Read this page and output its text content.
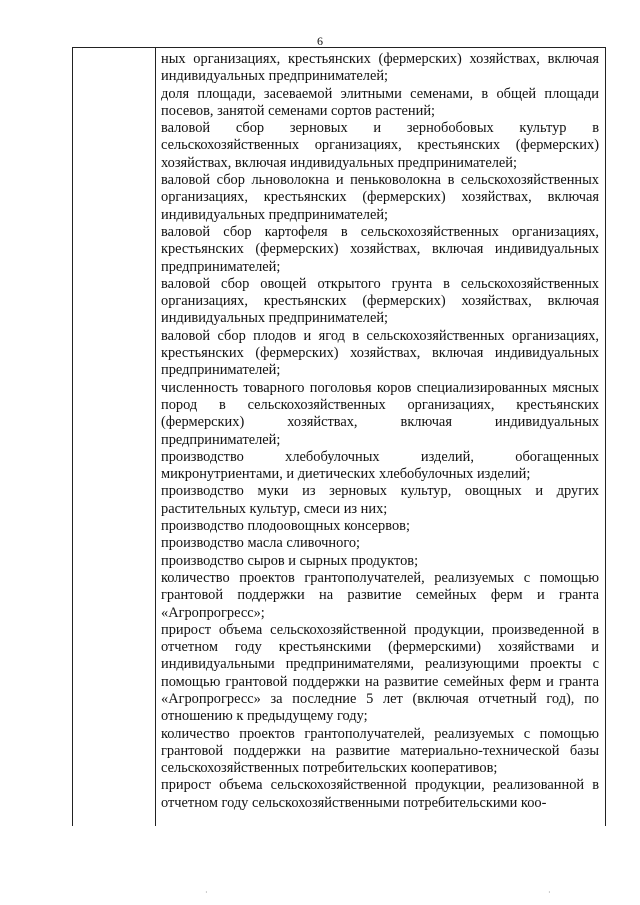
6
ных организациях, крестьянских (фермерских) хозяйствах, включая индивидуальных предпринимателей;
доля площади, засеваемой элитными семенами, в общей площади посевов, занятой семенами сортов растений;
валовой сбор зерновых и зернобобовых культур в сельскохозяйственных организациях, крестьянских (фермерских) хозяйствах, включая индивидуальных предпринимателей;
валовой сбор льноволокна и пеньковолокна в сельскохозяйственных организациях, крестьянских (фермерских) хозяйствах, включая индивидуальных предпринимателей;
валовой сбор картофеля в сельскохозяйственных организациях, крестьянских (фермерских) хозяйствах, включая индивидуальных предпринимателей;
валовой сбор овощей открытого грунта в сельскохозяйственных организациях, крестьянских (фермерских) хозяйствах, включая индивидуальных предпринимателей;
валовой сбор плодов и ягод в сельскохозяйственных организациях, крестьянских (фермерских) хозяйствах, включая индивидуальных предпринимателей;
численность товарного поголовья коров специализированных мясных пород в сельскохозяйственных организациях, крестьянских (фермерских) хозяйствах, включая индивидуальных предпринимателей;
производство хлебобулочных изделий, обогащенных микронутриентами, и диетических хлебобулочных изделий;
производство муки из зерновых культур, овощных и других растительных культур, смеси из них;
производство плодоовощных консервов;
производство масла сливочного;
производство сыров и сырных продуктов;
количество проектов грантополучателей, реализуемых с помощью грантовой поддержки на развитие семейных ферм и гранта «Агропрогресс»;
прирост объема сельскохозяйственной продукции, произведенной в отчетном году крестьянскими (фермерскими) хозяйствами и индивидуальными предпринимателями, реализующими проекты с помощью грантовой поддержки на развитие семейных ферм и гранта «Агропрогресс» за последние 5 лет (включая отчетный год), по отношению к предыдущему году;
количество проектов грантополучателей, реализуемых с помощью грантовой поддержки на развитие материально-технической базы сельскохозяйственных потребительских кооперативов;
прирост объема сельскохозяйственной продукции, реализованной в отчетном году сельскохозяйственными потребительскими коо-
·	·
